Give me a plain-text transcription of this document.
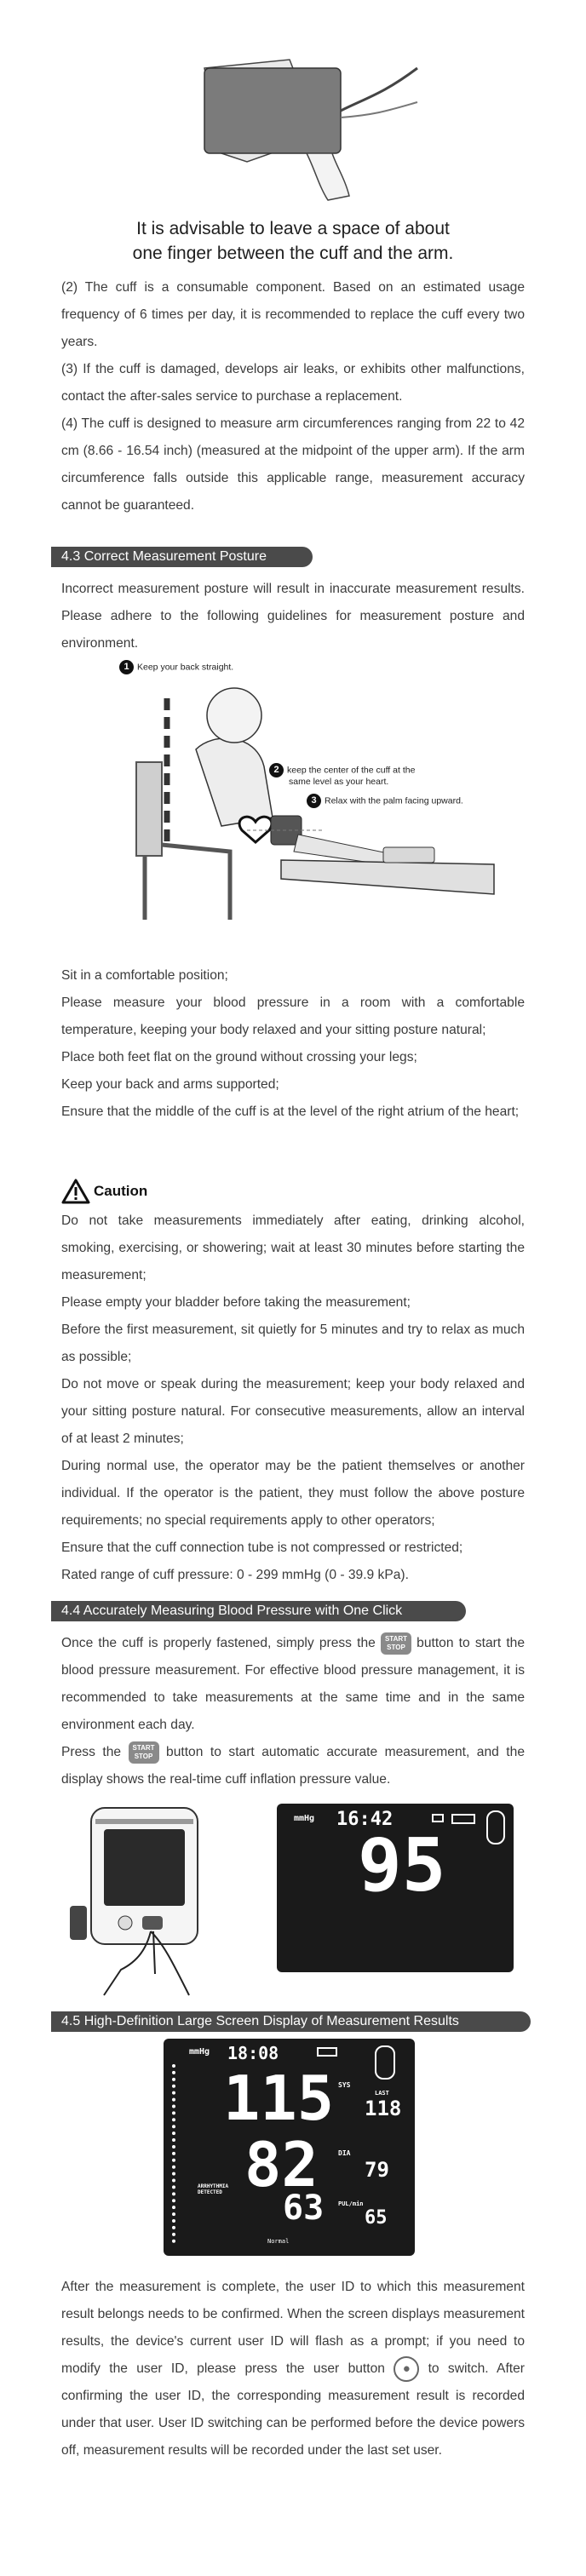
It is advisable to leave a space of about
one finger between the cuff and the arm.

(2) The cuff is a consumable component. Based on an estimated usage frequency of 6 times per day, it is recommended to replace the cuff every two years.

(3) If the cuff is damaged, develops air leaks, or exhibits other malfunctions, contact the after-sales service to purchase a replacement.

(4) The cuff is designed to measure arm circumferences ranging from 22 to 42 cm (8.66 - 16.54 inch) (measured at the midpoint of the upper arm). If the arm circumference falls outside this applicable range, measurement accuracy cannot be guaranteed.

4.3 Correct Measurement Posture
Incorrect measurement posture will result in inaccurate measurement results. Please adhere to the following guidelines for measurement posture and environment.
1 Keep your back straight.
2 keep the center of the cuff at the
same level as your heart.
3 Relax with the palm facing upward.

Sit in a comfortable position;

Please measure your blood pressure in a room with a comfortable temperature, keeping your body relaxed and your sitting posture natural;

Place both feet flat on the ground without crossing your legs;

Keep your back and arms supported;

Ensure that the middle of the cuff is at the level of the right atrium of the heart;

Caution

Do not take measurements immediately after eating, drinking alcohol, smoking, exercising, or showering; wait at least 30 minutes before starting the measurement;

Please empty your bladder before taking the measurement;

Before the first measurement, sit quietly for 5 minutes and try to relax as much as possible;

Do not move or speak during the measurement; keep your body relaxed and your sitting posture natural. For consecutive measurements, allow an interval of at least 2 minutes;

During normal use, the operator may be the patient themselves or another individual. If the operator is the patient, they must follow the above posture requirements; no special requirements apply to other operators;

Ensure that the cuff connection tube is not compressed or restricted;

Rated range of cuff pressure: 0 - 299 mmHg (0 - 39.9 kPa).

4.4 Accurately Measuring Blood Pressure with One Click

Once the cuff is properly fastened, simply press the START
STOP button to start the blood pressure measurement. For effective blood pressure management, it is recommended to take measurements at the same time and in the same environment each day.

Press the START
STOP button to start automatic accurate measurement, and the display shows the real-time cuff inflation pressure value.

mmHg 16:42
95
4.5 High-Definition Large Screen Display of Measurement Results
mmHg 18:08
115 SYS
LAST
118
82	DIA
79
ARRHYTHMIA DETECTED	63 PUL/min
65
Normal

After the measurement is complete, the user ID to which this measurement result belongs needs to be confirmed. When the screen displays measurement results, the device's current user ID will flash as a prompt; if you need to modify the user ID, please press the user button ● to switch. After confirming the user ID, the corresponding measurement result is recorded under that user. User ID switching can be performed before the device powers off, measurement results will be recorded under the last set user.
